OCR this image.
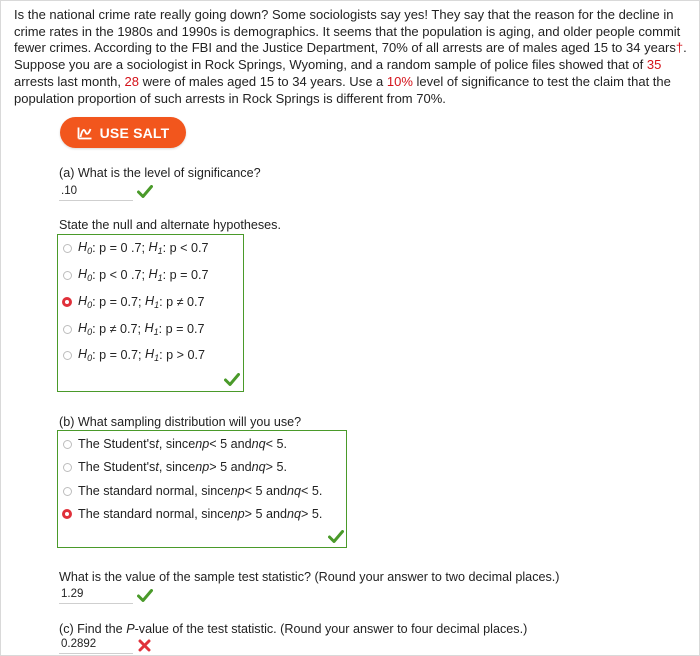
Is the national crime rate really going down? Some sociologists say yes! They say that the reason for the decline in crime rates in the 1980s and 1990s is demographics. It seems that the population is aging, and older people commit fewer crimes. According to the FBI and the Justice Department, 70% of all arrests are of males aged 15 to 34 years†. Suppose you are a sociologist in Rock Springs, Wyoming, and a random sample of police files showed that of 35 arrests last month, 28 were of males aged 15 to 34 years. Use a 10% level of significance to test the claim that the population proportion of such arrests in Rock Springs is different from 70%.
USE SALT
(a) What is the level of significance?
.10
State the null and alternate hypotheses.
$H_0$ : p = 0 .7;
$H_1$ : p < 0.7
$H_0$ : p < 0 .7;
$H_1$ : p = 0.7
$H_0$ : p = 0.7;
$H_1$ : p ≠ 0.7
$H_0$ : p ≠ 0.7;
$H_1$ : p = 0.7
$H_0$ : p = 0.7;
$H_1$ : p > 0.7
(b) What sampling distribution will you use?
The Student's t , since np < 5 and nq < 5.
The Student's t , since np > 5 and nq > 5.
The standard normal, since np < 5 and nq < 5.
The standard normal, since np > 5 and nq > 5.
What is the value of the sample test statistic? (Round your answer to two decimal places.)
1.29
(c) Find the P-value of the test statistic. (Round your answer to four decimal places.)
0.2892
